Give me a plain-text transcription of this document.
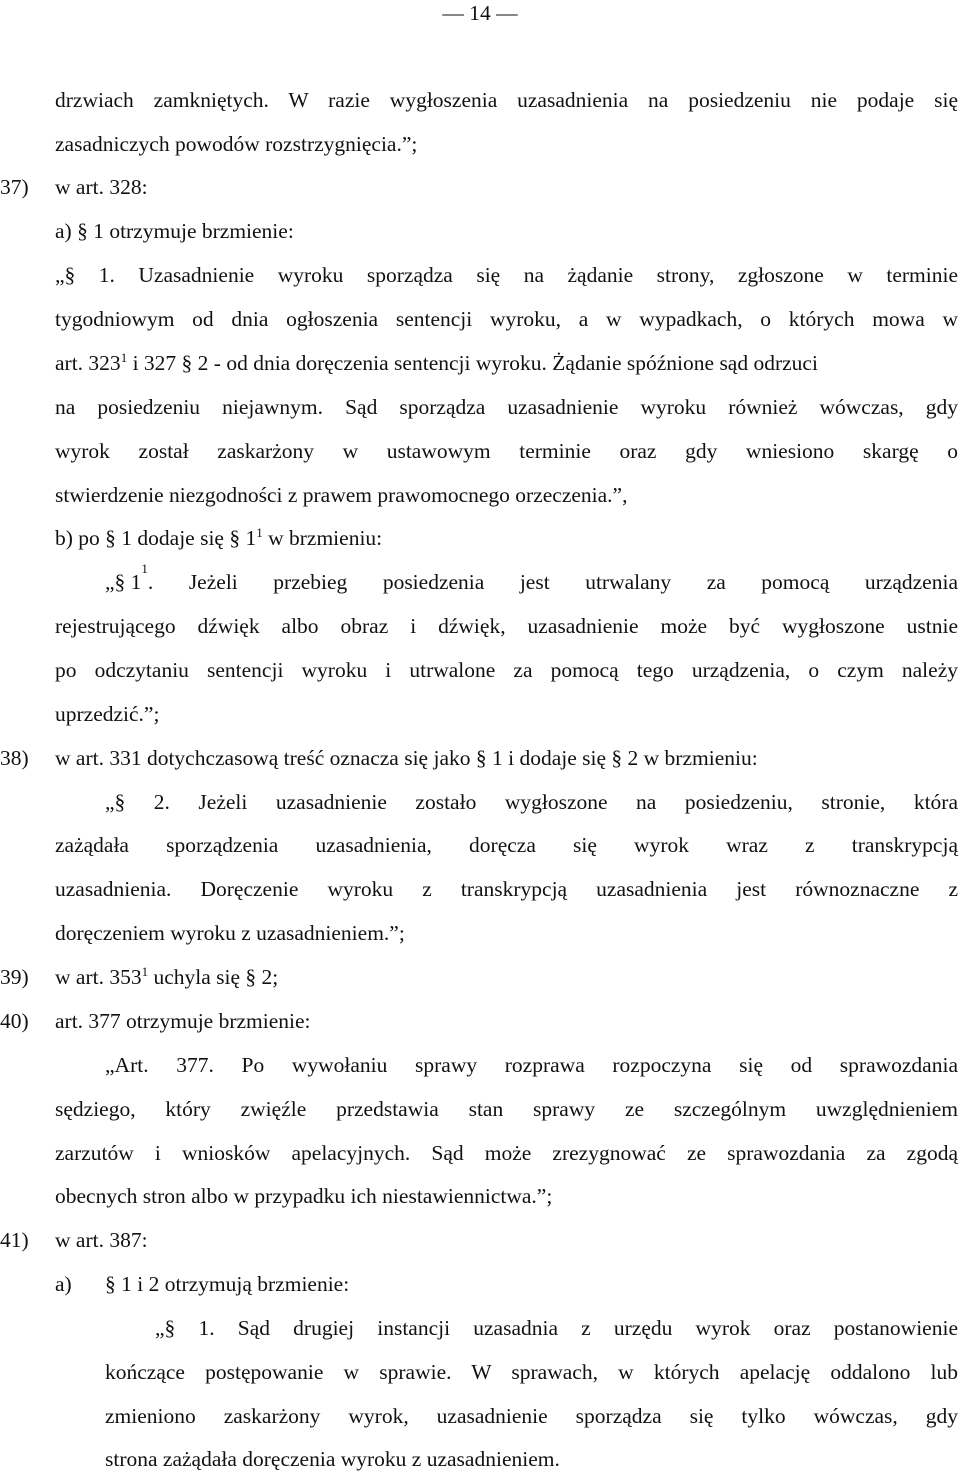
— 14 —
drzwiach zamkniętych. W razie wygłoszenia uzasadnienia na posiedzeniu nie podaje się
zasadniczych powodów rozstrzygnięcia.”;
37) w art. 328:
a) § 1 otrzymuje brzmienie:
„§ 1. Uzasadnienie wyroku sporządza się na żądanie strony, zgłoszone w terminie
tygodniowym od dnia ogłoszenia sentencji wyroku, a w wypadkach, o których mowa w
art. $323^1$ i 327 § 2 - od dnia doręczenia sentencji wyroku. Żądanie spóźnione sąd odrzuci
na posiedzeniu niejawnym. Sąd sporządza uzasadnienie wyroku również wówczas, gdy
wyrok został zaskarżony w ustawowym terminie oraz gdy wniesiono skargę o
stwierdzenie niezgodności z prawem prawomocnego orzeczenia.”,
b) po § 1 dodaje się § $1^1$ w brzmieniu:
„§ 1
1
. Jeżeli przebieg posiedzenia jest utrwalany za pomocą urządzenia
rejestrującego dźwięk albo obraz i dźwięk, uzasadnienie może być wygłoszone ustnie
po odczytaniu sentencji wyroku i utrwalone za pomocą tego urządzenia, o czym należy
uprzedzić.”;
38) w art. 331 dotychczasową treść oznacza się jako § 1 i dodaje się § 2 w brzmieniu:
„§ 2. Jeżeli uzasadnienie zostało wygłoszone na posiedzeniu, stronie, która
zażądała sporządzenia uzasadnienia, doręcza się wyrok wraz z transkrypcją
uzasadnienia. Doręczenie wyroku z transkrypcją uzasadnienia jest równoznaczne z
doręczeniem wyroku z uzasadnieniem.”;
39) w art. $353^1$ uchyla się § 2;
40) art. 377 otrzymuje brzmienie:
„Art. 377. Po wywołaniu sprawy rozprawa rozpoczyna się od sprawozdania
sędziego, który zwięźle przedstawia stan sprawy ze szczególnym uwzględnieniem
zarzutów i wniosków apelacyjnych. Sąd może zrezygnować ze sprawozdania za zgodą
obecnych stron albo w przypadku ich niestawiennictwa.”;
41) w art. 387:
a) § 1 i 2 otrzymują brzmienie:
„§ 1. Sąd drugiej instancji uzasadnia z urzędu wyrok oraz postanowienie
kończące postępowanie w sprawie. W sprawach, w których apelację oddalono lub
zmieniono zaskarżony wyrok, uzasadnienie sporządza się tylko wówczas, gdy
strona zażądała doręczenia wyroku z uzasadnieniem.
